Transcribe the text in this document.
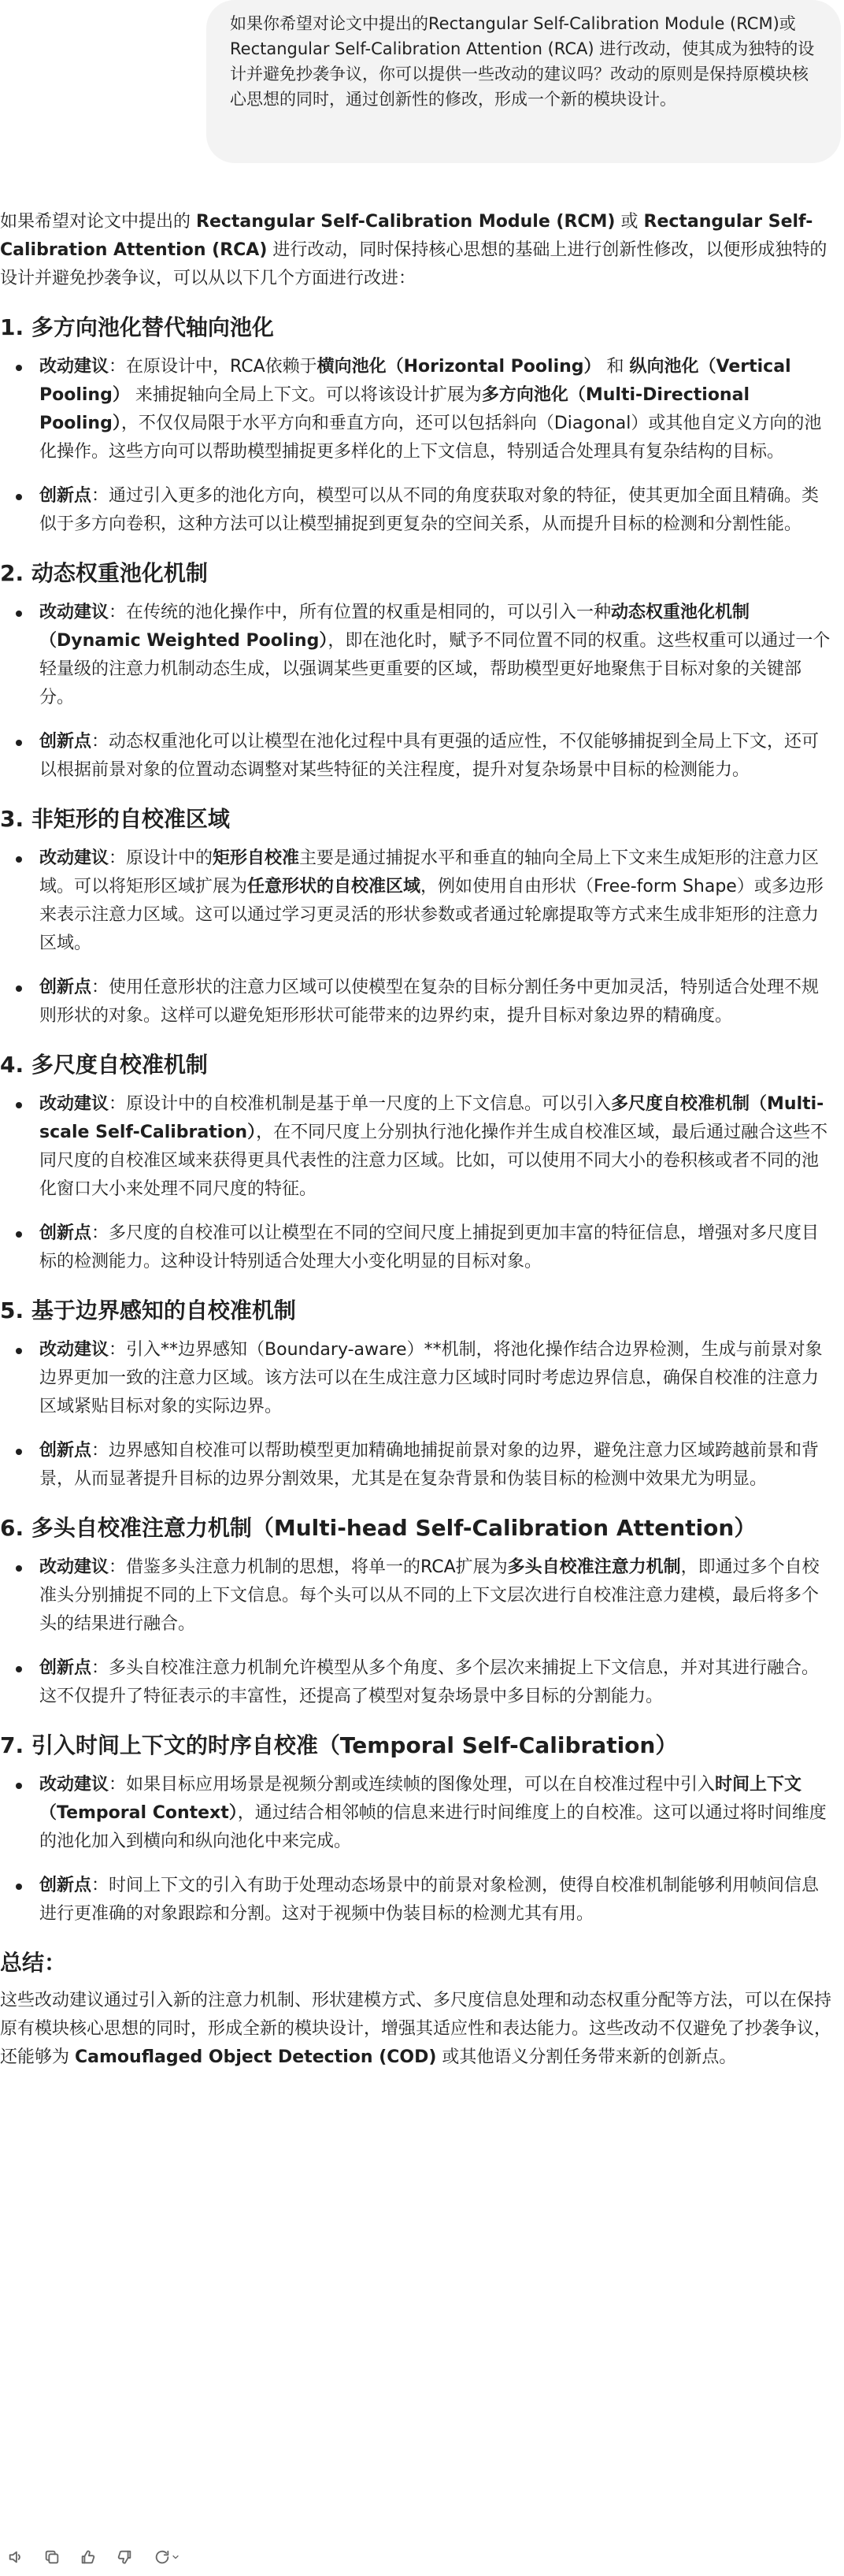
如果你希望对论文中提出的Rectangular Self-Calibration Module (RCM)或Rectangular Self-Calibration Attention (RCA) 进行改动，使其成为独特的设计并避免抄袭争议，你可以提供一些改动的建议吗？改动的原则是保持原模块核心思想的同时，通过创新性的修改，形成一个新的模块设计。

如果希望对论文中提出的 Rectangular Self-Calibration Module (RCM) 或 Rectangular Self-Calibration Attention (RCA) 进行改动，同时保持核心思想的基础上进行创新性修改，以便形成独特的设计并避免抄袭争议，可以从以下几个方面进行改进：

1. 多方向池化替代轴向池化
改动建议：在原设计中，RCA依赖于横向池化（Horizontal Pooling） 和 纵向池化（Vertical Pooling） 来捕捉轴向全局上下文。可以将该设计扩展为多方向池化（Multi-Directional Pooling），不仅仅局限于水平方向和垂直方向，还可以包括斜向（Diagonal）或其他自定义方向的池化操作。这些方向可以帮助模型捕捉更多样化的上下文信息，特别适合处理具有复杂结构的目标。
创新点：通过引入更多的池化方向，模型可以从不同的角度获取对象的特征，使其更加全面且精确。类似于多方向卷积，这种方法可以让模型捕捉到更复杂的空间关系，从而提升目标的检测和分割性能。
2. 动态权重池化机制
改动建议：在传统的池化操作中，所有位置的权重是相同的，可以引入一种动态权重池化机制（Dynamic Weighted Pooling），即在池化时，赋予不同位置不同的权重。这些权重可以通过一个轻量级的注意力机制动态生成，以强调某些更重要的区域，帮助模型更好地聚焦于目标对象的关键部分。
创新点：动态权重池化可以让模型在池化过程中具有更强的适应性，不仅能够捕捉到全局上下文，还可以根据前景对象的位置动态调整对某些特征的关注程度，提升对复杂场景中目标的检测能力。
3. 非矩形的自校准区域
改动建议：原设计中的矩形自校准主要是通过捕捉水平和垂直的轴向全局上下文来生成矩形的注意力区域。可以将矩形区域扩展为任意形状的自校准区域，例如使用自由形状（Free-form Shape）或多边形来表示注意力区域。这可以通过学习更灵活的形状参数或者通过轮廓提取等方式来生成非矩形的注意力区域。
创新点：使用任意形状的注意力区域可以使模型在复杂的目标分割任务中更加灵活，特别适合处理不规则形状的对象。这样可以避免矩形形状可能带来的边界约束，提升目标对象边界的精确度。
4. 多尺度自校准机制
改动建议：原设计中的自校准机制是基于单一尺度的上下文信息。可以引入多尺度自校准机制（Multi-scale Self-Calibration），在不同尺度上分别执行池化操作并生成自校准区域，最后通过融合这些不同尺度的自校准区域来获得更具代表性的注意力区域。比如，可以使用不同大小的卷积核或者不同的池化窗口大小来处理不同尺度的特征。
创新点：多尺度的自校准可以让模型在不同的空间尺度上捕捉到更加丰富的特征信息，增强对多尺度目标的检测能力。这种设计特别适合处理大小变化明显的目标对象。
5. 基于边界感知的自校准机制
改动建议：引入**边界感知（Boundary-aware）**机制，将池化操作结合边界检测，生成与前景对象边界更加一致的注意力区域。该方法可以在生成注意力区域时同时考虑边界信息，确保自校准的注意力区域紧贴目标对象的实际边界。
创新点：边界感知自校准可以帮助模型更加精确地捕捉前景对象的边界，避免注意力区域跨越前景和背景，从而显著提升目标的边界分割效果，尤其是在复杂背景和伪装目标的检测中效果尤为明显。
6. 多头自校准注意力机制（Multi-head Self-Calibration Attention）
改动建议：借鉴多头注意力机制的思想，将单一的RCA扩展为多头自校准注意力机制，即通过多个自校准头分别捕捉不同的上下文信息。每个头可以从不同的上下文层次进行自校准注意力建模，最后将多个头的结果进行融合。
创新点：多头自校准注意力机制允许模型从多个角度、多个层次来捕捉上下文信息，并对其进行融合。这不仅提升了特征表示的丰富性，还提高了模型对复杂场景中多目标的分割能力。
7. 引入时间上下文的时序自校准（Temporal Self-Calibration）
改动建议：如果目标应用场景是视频分割或连续帧的图像处理，可以在自校准过程中引入时间上下文（Temporal Context），通过结合相邻帧的信息来进行时间维度上的自校准。这可以通过将时间维度的池化加入到横向和纵向池化中来完成。
创新点：时间上下文的引入有助于处理动态场景中的前景对象检测，使得自校准机制能够利用帧间信息进行更准确的对象跟踪和分割。这对于视频中伪装目标的检测尤其有用。
总结：

这些改动建议通过引入新的注意力机制、形状建模方式、多尺度信息处理和动态权重分配等方法，可以在保持原有模块核心思想的同时，形成全新的模块设计，增强其适应性和表达能力。这些改动不仅避免了抄袭争议，还能够为 Camouflaged Object Detection (COD) 或其他语义分割任务带来新的创新点。
